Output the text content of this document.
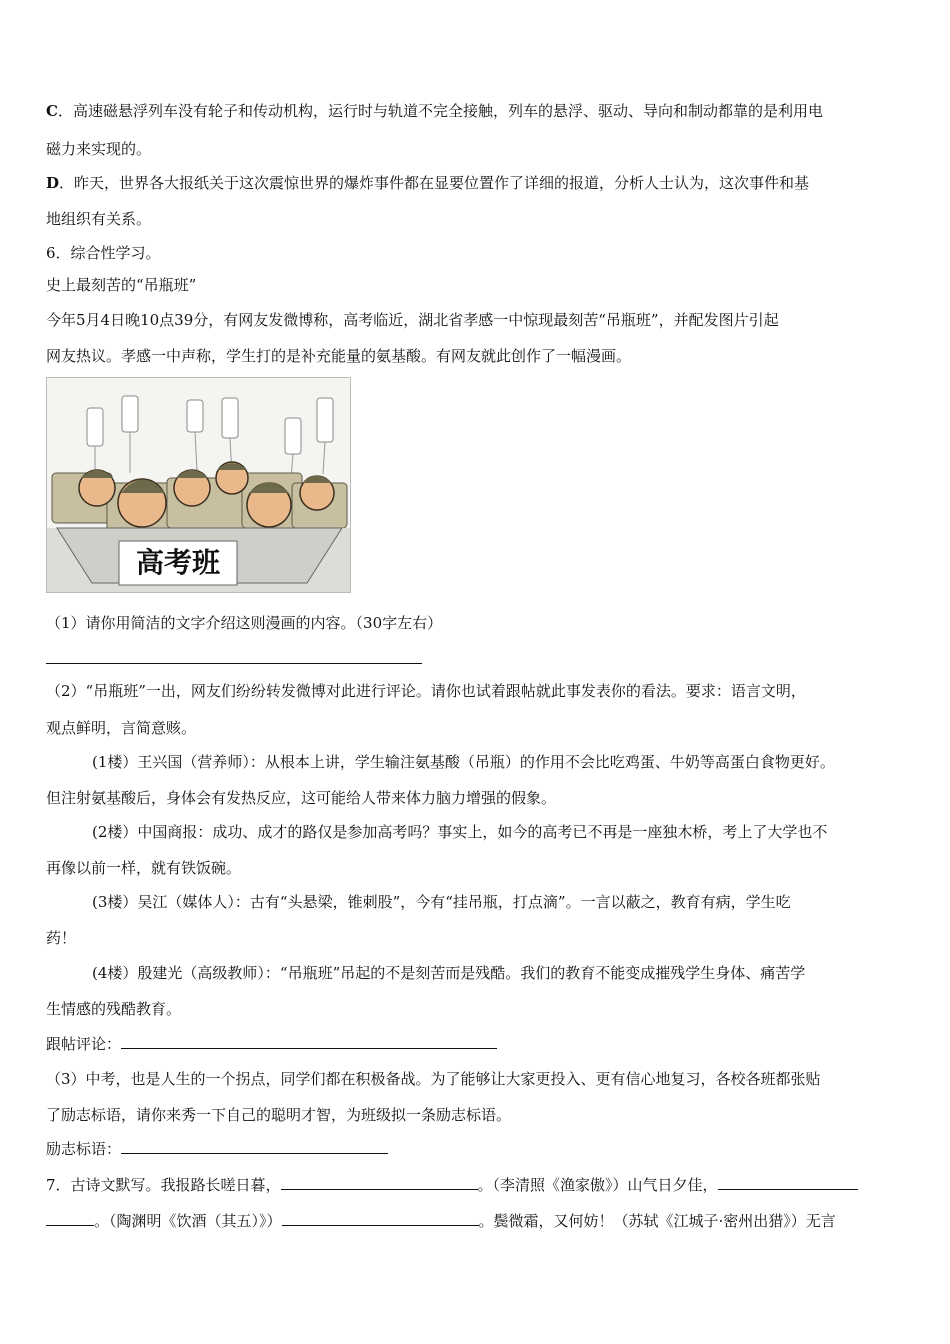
C．高速磁悬浮列车没有轮子和传动机构，运行时与轨道不完全接触，列车的悬浮、驱动、导向和制动都靠的是利用电
磁力来实现的。
D．昨天，世界各大报纸关于这次震惊世界的爆炸事件都在显要位置作了详细的报道，分析人士认为，这次事件和基
地组织有关系。
6．综合性学习。
史上最刻苦的“吊瓶班”
今年5月4日晚10点39分，有网友发微博称，高考临近，湖北省孝感一中惊现最刻苦“吊瓶班”，并配发图片引起
网友热议。孝感一中声称，学生打的是补充能量的氨基酸。有网友就此创作了一幅漫画。
高考班
（1）请你用简洁的文字介绍这则漫画的内容。（30字左右）
（2）“吊瓶班”一出，网友们纷纷转发微博对此进行评论。请你也试着跟帖就此事发表你的看法。要求：语言文明，
观点鲜明，言简意赅。
(1楼）王兴国（营养师）：从根本上讲，学生输注氨基酸（吊瓶）的作用不会比吃鸡蛋、牛奶等高蛋白食物更好。
但注射氨基酸后，身体会有发热反应，这可能给人带来体力脑力增强的假象。
(2楼）中国商报：成功、成才的路仅是参加高考吗？事实上，如今的高考已不再是一座独木桥，考上了大学也不
再像以前一样，就有铁饭碗。
(3楼）吴江（媒体人）：古有“头悬梁，锥刺股”，今有“挂吊瓶，打点滴”。一言以蔽之，教育有病，学生吃
药！
(4楼）殷建光（高级教师）：“吊瓶班”吊起的不是刻苦而是残酷。我们的教育不能变成摧残学生身体、痛苦学
生情感的残酷教育。
跟帖评论：
（3）中考，也是人生的一个拐点，同学们都在积极备战。为了能够让大家更投入、更有信心地复习，各校各班都张贴
了励志标语，请你来秀一下自己的聪明才智，为班级拟一条励志标语。
励志标语：
7．古诗文默写。我报路长嗟日暮，	。（李清照《渔家傲》）山气日夕佳，
。（陶渊明《饮酒（其五）》）	。鬓微霜，又何妨！（苏轼《江城子·密州出猎》）无言
